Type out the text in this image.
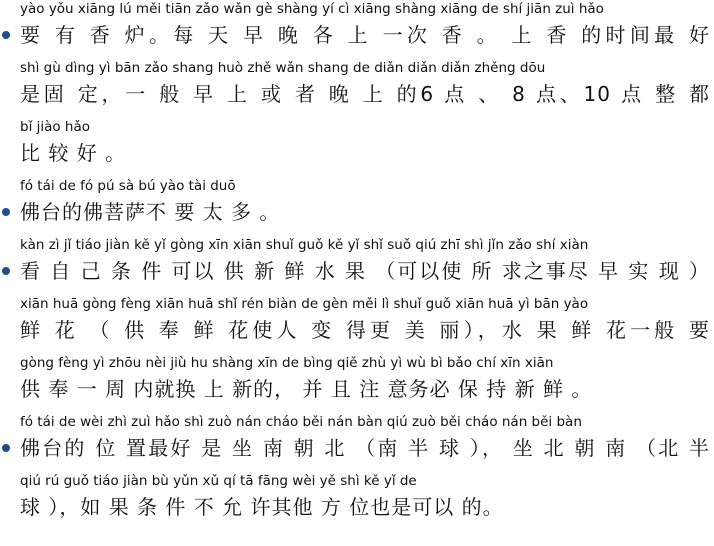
yào yǒu xiāng lú měi tiān zǎo wǎn gè shàng yí cì xiāng shàng xiāng de shí jiān zuì hǎo
要 有 香 炉。每 天 早 晚 各 上 一次 香 。 上 香 的时间最 好
shì gù dìng yì bān zǎo shang huò zhě wǎn shang de diǎn diǎn diǎn zhěng dōu
是固 定，一 般 早 上 或 者 晚 上 的6 点 、 8 点、10 点 整 都
bǐ jiào hǎo
比 较 好 。
fó tái de fó pú sà bú yào tài duō
佛台的佛菩萨不 要 太 多 。
kàn zì jǐ tiáo jiàn kě yǐ gòng xīn xiān shuǐ guǒ kě yǐ shǐ suǒ qiú zhī shì jǐn zǎo shí xiàn
看 自 己 条 件 可以 供 新 鲜 水 果 （可以使 所 求之事尽 早 实 现 ）
xiān huā gòng fèng xiān huā shǐ rén biàn de gèn měi lì shuǐ guǒ xiān huā yì bān yào
鲜 花 （ 供 奉 鲜 花使人 变 得更 美 丽），水 果 鲜 花一般 要
gòng fèng yì zhōu nèi jiù hu shàng xīn de bìng qiě zhù yì wù bì bǎo chí xīn xiān
供 奉 一 周 内就换 上 新的， 并 且 注 意务必 保 持 新 鲜 。
fó tái de wèi zhì zuì hǎo shì zuò nán cháo běi nán bàn qiú zuò běi cháo nán běi bàn
佛台的 位 置最好 是 坐 南 朝 北 （南 半 球 ）， 坐 北 朝 南 （北 半
qiú rú guǒ tiáo jiàn bù yǔn xǔ qí tā fāng wèi yě shì kě yǐ de
球 ），如 果 条 件 不 允 许其他 方 位也是可以 的。
